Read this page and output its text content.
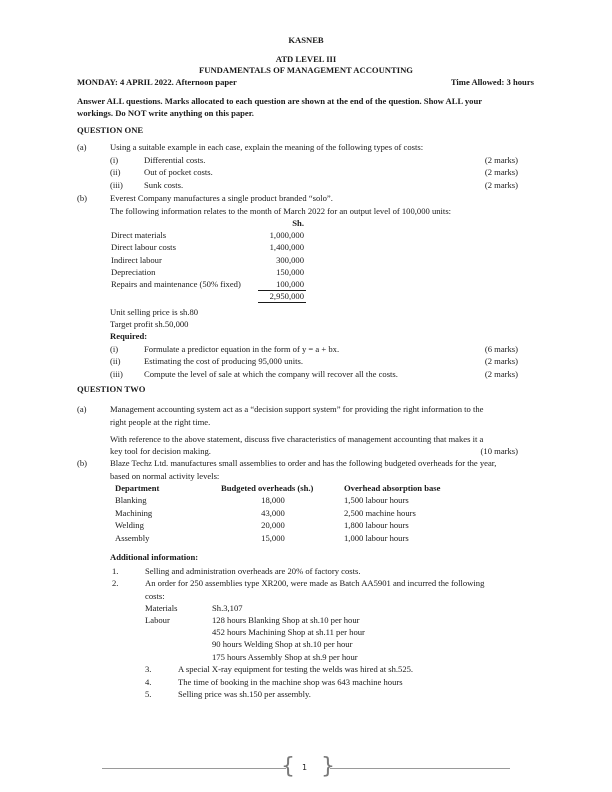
KASNEB
ATD LEVEL III
FUNDAMENTALS OF MANAGEMENT ACCOUNTING
MONDAY: 4 APRIL 2022. Afternoon paper	Time Allowed: 3 hours
Answer ALL questions. Marks allocated to each question are shown at the end of the question. Show ALL your
workings. Do NOT write anything on this paper.
QUESTION ONE
(a)	Using a suitable example in each case, explain the meaning of the following types of costs:
(i)	Differential costs.	(2 marks)
(ii)	Out of pocket costs.	(2 marks)
(iii) Sunk costs.	(2 marks)
(b)	Everest Company manufactures a single product branded “solo”.
The following information relates to the month of March 2022 for an output level of 100,000 units:
Sh.
Direct materials	1,000,000
Direct labour costs	1,400,000
Indirect labour	300,000
Depreciation	150,000
Repairs and maintenance (50% fixed)	100,000
2,950,000
Unit selling price is sh.80
Target profit sh.50,000
Required:
(i)	Formulate a predictor equation in the form of y = a + bx.	(6 marks)
(ii)	Estimating the cost of producing 95,000 units.	(2 marks)
(iii) Compute the level of sale at which the company will recover all the costs.	(2 marks)
QUESTION TWO
(a)	Management accounting system act as a “decision support system” for providing the right information to the
right people at the right time.
With reference to the above statement, discuss five characteristics of management accounting that makes it a
key tool for decision making.	(10 marks)
(b)	Blaze Techz Ltd. manufactures small assemblies to order and has the following budgeted overheads for the year,
based on normal activity levels:
Department	Budgeted overheads (sh.)	Overhead absorption base
Blanking	18,000	1,500 labour hours
Machining	43,000	2,500 machine hours
Welding	20,000	1,800 labour hours
Assembly	15,000	1,000 labour hours
Additional information:
1.	Selling and administration overheads are 20% of factory costs.
2.	An order for 250 assemblies type XR200, were made as Batch AA5901 and incurred the following
costs:
Materials	Sh.3,107
Labour	128 hours Blanking Shop at sh.10 per hour
452 hours Machining Shop at sh.11 per hour
90 hours Welding Shop at sh.10 per hour
175 hours Assembly Shop at sh.9 per hour
3.	A special X-ray equipment for testing the welds was hired at sh.525.
4.	The time of booking in the machine shop was 643 machine hours
5.	Selling price was sh.150 per assembly.
{ 1 }
